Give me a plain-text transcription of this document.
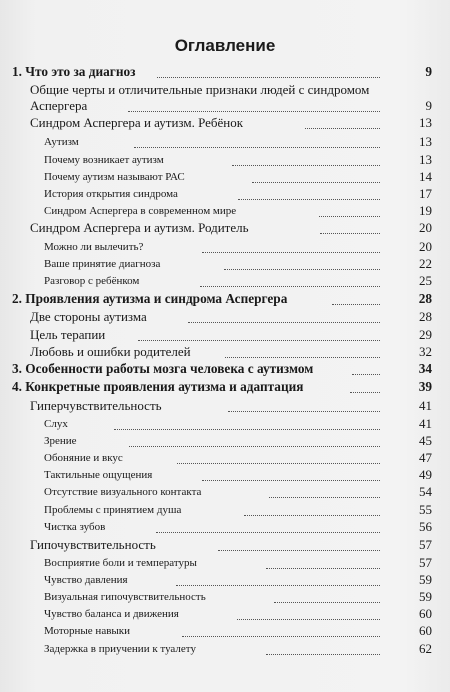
Оглавление
1. Что это за диагноз	9
Общие черты и отличительные признаки людей с синдромом
Аспергера	9
Синдром Аспергера и аутизм. Ребёнок	13
Аутизм	13
Почему возникает аутизм	13
Почему аутизм называют РАС	14
История открытия синдрома	17
Синдром Аспергера в современном мире	19
Синдром Аспергера и аутизм. Родитель	20
Можно ли вылечить?	20
Ваше принятие диагноза	22
Разговор с ребёнком	25
2. Проявления аутизма и синдрома Аспергера	28
Две стороны аутизма	28
Цель терапии	29
Любовь и ошибки родителей	32
3. Особенности работы мозга человека с аутизмом	34
4. Конкретные проявления аутизма и адаптация	39
Гиперчувствительность	41
Слух	41
Зрение	45
Обоняние и вкус	47
Тактильные ощущения	49
Отсутствие визуального контакта	54
Проблемы с принятием душа	55
Чистка зубов	56
Гипочувствительность	57
Восприятие боли и температуры	57
Чувство давления	59
Визуальная гипочувствительность	59
Чувство баланса и движения	60
Моторные навыки	60
Задержка в приучении к туалету	62
